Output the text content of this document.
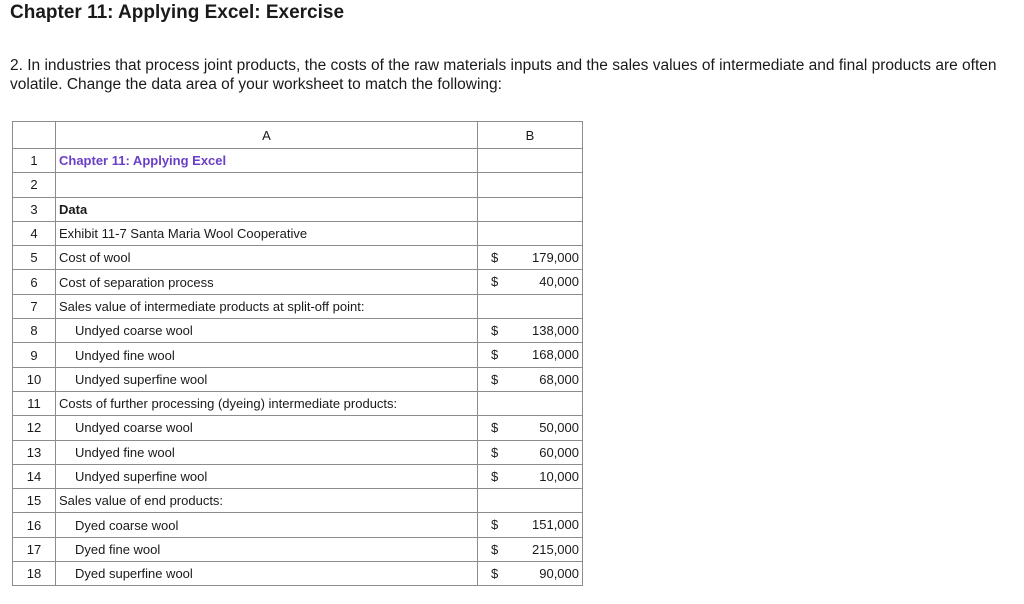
Chapter 11: Applying Excel: Exercise
2. In industries that process joint products, the costs of the raw materials inputs and the sales values of intermediate and final products are often volatile. Change the data area of your worksheet to match the following:
	A	B
1	Chapter 11: Applying Excel	
2		
3	Data	
4	Exhibit 11-7 Santa Maria Wool Cooperative	
5	Cost of wool	$ 179,000

6	Cost of separation process	$ 40,000

7	Sales value of intermediate products at split-off point:	
8	Undyed coarse wool	$ 138,000

9	Undyed fine wool	$ 168,000

10	Undyed superfine wool	$ 68,000

11	Costs of further processing (dyeing) intermediate products:	
12	Undyed coarse wool	$ 50,000

13	Undyed fine wool	$ 60,000

14	Undyed superfine wool	$ 10,000

15	Sales value of end products:	
16	Dyed coarse wool	$ 151,000

17	Dyed fine wool	$ 215,000

18	Dyed superfine wool	$ 90,000
